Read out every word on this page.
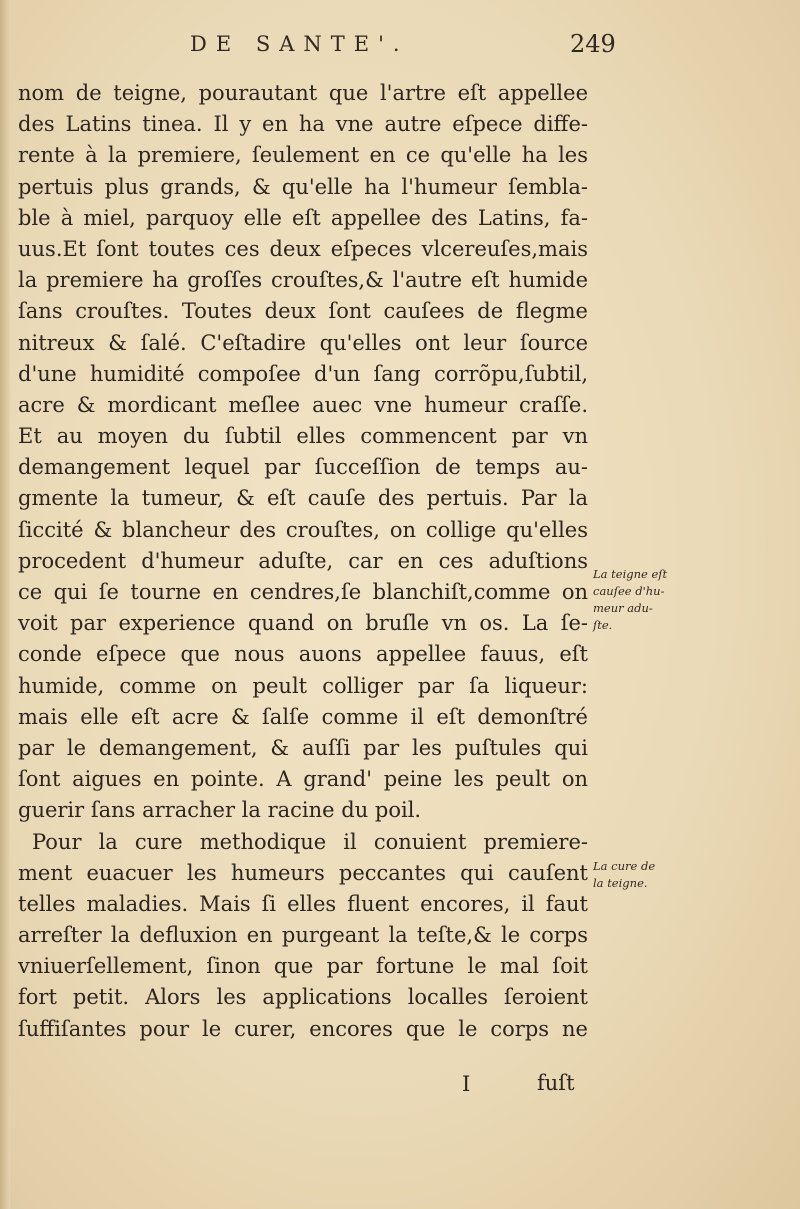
DE SANTE'.	249
nom de teigne, pourautant que l'artre eſt appellee
des Latins tinea. Il y en ha vne autre eſpece diffe-
rente à la premiere, ſeulement en ce qu'elle ha les
pertuis plus grands, & qu'elle ha l'humeur ſembla-
ble à miel, parquoy elle eſt appellee des Latins, fa-
uus.Et ſont toutes ces deux eſpeces vlcereuſes,mais
la premiere ha groſſes crouſtes,& l'autre eſt humide
ſans crouſtes. Toutes deux ſont cauſees de flegme
nitreux & ſalé. C'eſtadire qu'elles ont leur ſource
d'une humidité compoſee d'un ſang corrõpu,ſubtil,
acre & mordicant meſlee auec vne humeur craſſe.
Et au moyen du ſubtil elles commencent par vn
demangement lequel par ſucceſſion de temps au-
gmente la tumeur, & eſt cauſe des pertuis. Par la
ſiccité & blancheur des crouſtes, on collige qu'elles
procedent d'humeur aduſte, car en ces aduſtions
ce qui ſe tourne en cendres,ſe blanchiſt,comme on
voit par experience quand on bruſle vn os. La ſe-
conde eſpece que nous auons appellee fauus, eſt
humide, comme on peult colliger par ſa liqueur:
mais elle eſt acre & ſalſe comme il eſt demonſtré
par le demangement, & auſſi par les puſtules qui
ſont aigues en pointe. A grand' peine les peult on
guerir ſans arracher la racine du poil.
Pour la cure methodique il conuient premiere-
ment euacuer les humeurs peccantes qui cauſent
telles maladies. Mais ſi elles fluent encores, il faut
arreſter la defluxion en purgeant la teſte,& le corps
vniuerſellement, ſinon que par fortune le mal ſoit
fort petit. Alors les applications localles ſeroient
ſuffiſantes pour le curer, encores que le corps ne
La teigne eſt
cauſee d'hu-
meur adu-
ſte.
La cure de
la teigne.
I	fuſt
